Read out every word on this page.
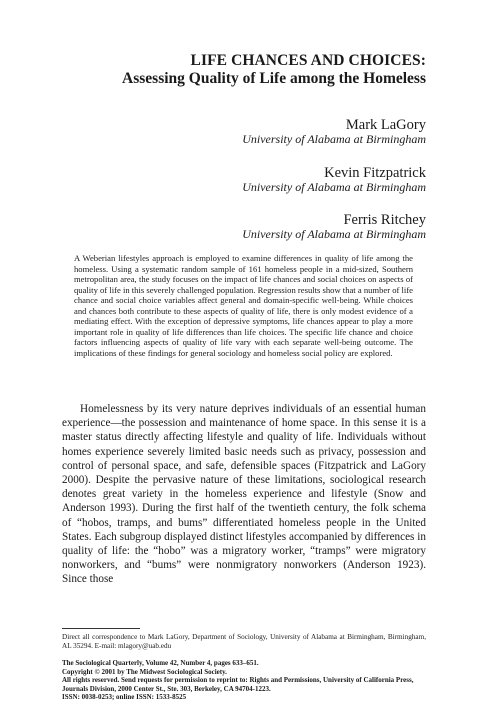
LIFE CHANCES AND CHOICES:
Assessing Quality of Life among the Homeless
Mark LaGory
University of Alabama at Birmingham
Kevin Fitzpatrick
University of Alabama at Birmingham
Ferris Ritchey
University of Alabama at Birmingham

A Weberian lifestyles approach is employed to examine differences in quality of life among the homeless. Using a systematic random sample of 161 homeless people in a mid-sized, Southern metropolitan area, the study focuses on the impact of life chances and social choices on aspects of quality of life in this severely challenged population. Regression results show that a number of life chance and social choice variables affect general and domain-specific well-being. While choices and chances both contribute to these aspects of quality of life, there is only modest evidence of a mediating effect. With the exception of depressive symptoms, life chances appear to play a more important role in quality of life differences than life choices. The specific life chance and choice factors influencing aspects of quality of life vary with each separate well-being outcome. The implications of these findings for general sociology and homeless social policy are explored.

Homelessness by its very nature deprives individuals of an essential human experience—the possession and maintenance of home space. In this sense it is a master status directly affecting lifestyle and quality of life. Individuals without homes experience severely limited basic needs such as privacy, possession and control of personal space, and safe, defensible spaces (Fitzpatrick and LaGory 2000). Despite the pervasive nature of these limitations, sociological research denotes great variety in the homeless experience and lifestyle (Snow and Anderson 1993). During the first half of the twentieth century, the folk schema of “hobos, tramps, and bums” differentiated homeless people in the United States. Each subgroup displayed distinct lifestyles accompanied by differences in quality of life: the “hobo” was a migratory worker, “tramps” were migratory nonworkers, and “bums” were nonmigratory nonworkers (Anderson 1923). Since those

Direct all correspondence to Mark LaGory, Department of Sociology, University of Alabama at Birmingham, Birmingham, AL 35294. E-mail: mlagory@uab.edu

The Sociological Quarterly, Volume 42, Number 4, pages 633–651.
Copyright © 2001 by The Midwest Sociological Society.
All rights reserved. Send requests for permission to reprint to: Rights and Permissions, University of California Press,
Journals Division, 2000 Center St., Ste. 303, Berkeley, CA 94704-1223.
ISSN: 0038-0253; online ISSN: 1533-8525
